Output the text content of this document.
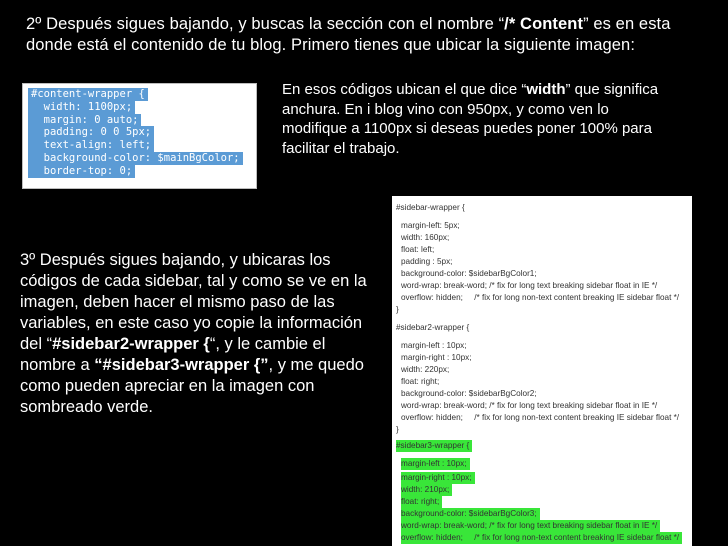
2º Después sigues bajando, y buscas la sección con el nombre “/* Content” es en esta donde está el contenido de tu blog. Primero tienes que ubicar la siguiente imagen:
#content-wrapper {
width: 1100px;
margin: 0 auto;
padding: 0 0 5px;
text-align: left;
background-color: $mainBgColor;
border-top: 0;
En esos códigos ubican el que dice “width” que significa anchura. En i blog vino con 950px, y como ven lo modifique a 1100px si deseas puedes poner 100% para facilitar el trabajo.
3º Después sigues bajando, y ubicaras los códigos de cada sidebar, tal y como se ve en la imagen, deben hacer el mismo paso de las variables, en este caso yo copie la información del “#sidebar2-wrapper {“, y le cambie el nombre a “#sidebar3-wrapper {”, y me quedo como pueden apreciar en la imagen con sombreado verde.
#sidebar-wrapper {
margin-left: 5px;
width: 160px;
float: left;
padding : 5px;
background-color: $sidebarBgColor1;
word-wrap: break-word; /* fix for long text breaking sidebar float in IE */
overflow: hidden;     /* fix for long non-text content breaking IE sidebar float */
}
#sidebar2-wrapper {
margin-left : 10px;
margin-right : 10px;
width: 220px;
float: right;
background-color: $sidebarBgColor2;
word-wrap: break-word; /* fix for long text breaking sidebar float in IE */
overflow: hidden;     /* fix for long non-text content breaking IE sidebar float */
}
#sidebar3-wrapper {
margin-left : 10px;
margin-right : 10px;
width: 210px;
float: right;
background-color: $sidebarBgColor3;
word-wrap: break-word; /* fix for long text breaking sidebar float in IE */
overflow: hidden;     /* fix for long non-text content breaking IE sidebar float */
